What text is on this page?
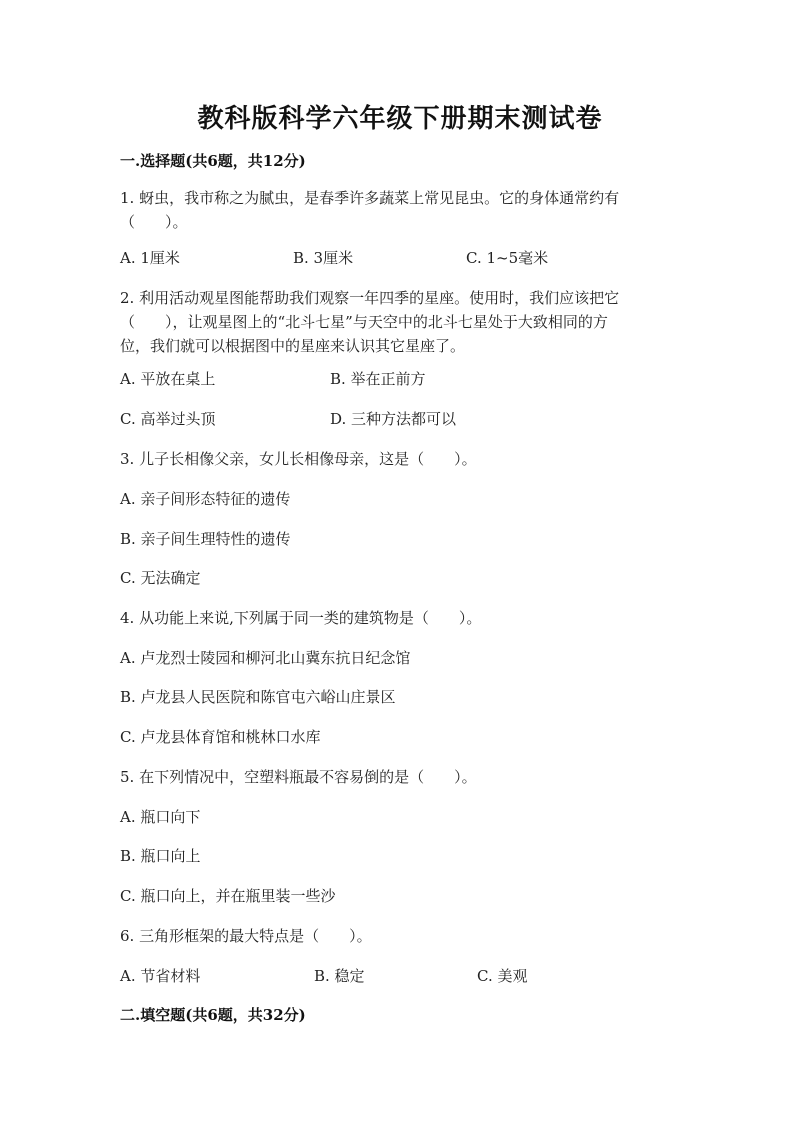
教科版科学六年级下册期末测试卷
一.选择题(共6题，共12分)
1. 蚜虫，我市称之为腻虫，是春季许多蔬菜上常见昆虫。它的身体通常约有
（　　）。
A. 1厘米	B. 3厘米	C. 1~5毫米
2. 利用活动观星图能帮助我们观察一年四季的星座。使用时，我们应该把它
（　　），让观星图上的“北斗七星”与天空中的北斗七星处于大致相同的方
位，我们就可以根据图中的星座来认识其它星座了。
A. 平放在桌上	B. 举在正前方
C. 高举过头顶	D. 三种方法都可以
3. 儿子长相像父亲，女儿长相像母亲，这是（　　）。
A. 亲子间形态特征的遗传
B. 亲子间生理特性的遗传
C. 无法确定
4. 从功能上来说,下列属于同一类的建筑物是（　　）。
A. 卢龙烈士陵园和柳河北山冀东抗日纪念馆
B. 卢龙县人民医院和陈官屯六峪山庄景区
C. 卢龙县体育馆和桃林口水库
5. 在下列情况中，空塑料瓶最不容易倒的是（　　）。
A. 瓶口向下
B. 瓶口向上
C. 瓶口向上，并在瓶里装一些沙
6. 三角形框架的最大特点是（　　）。
A. 节省材料	B. 稳定	C. 美观
二.填空题(共6题，共32分)
